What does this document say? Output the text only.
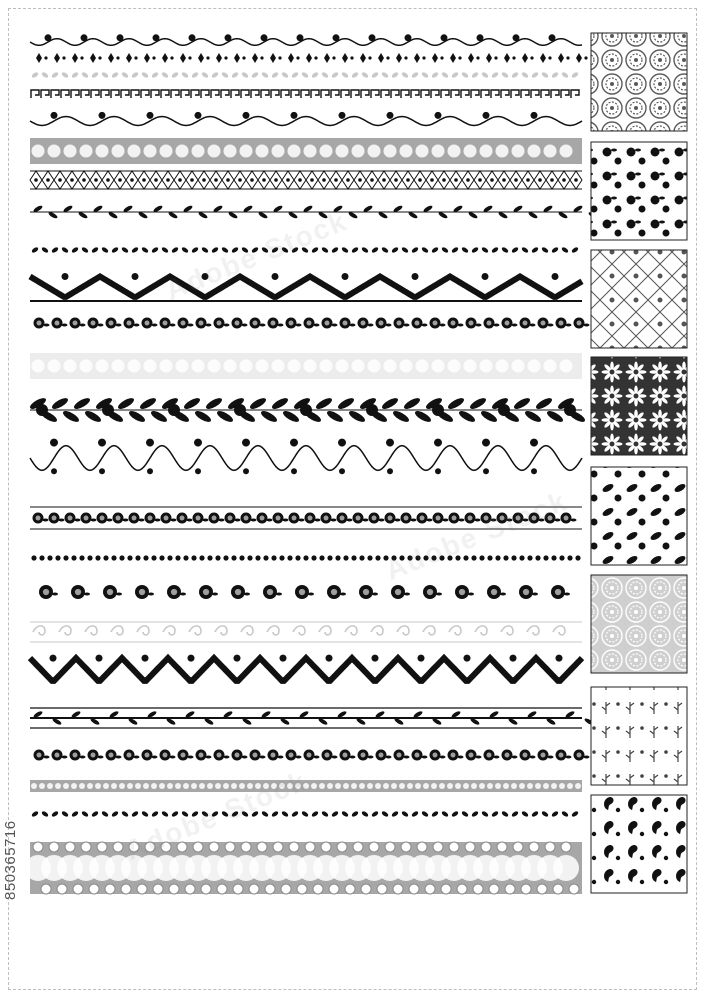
Adobe Stock
Adobe Stock
Adobe Stock
850365716
